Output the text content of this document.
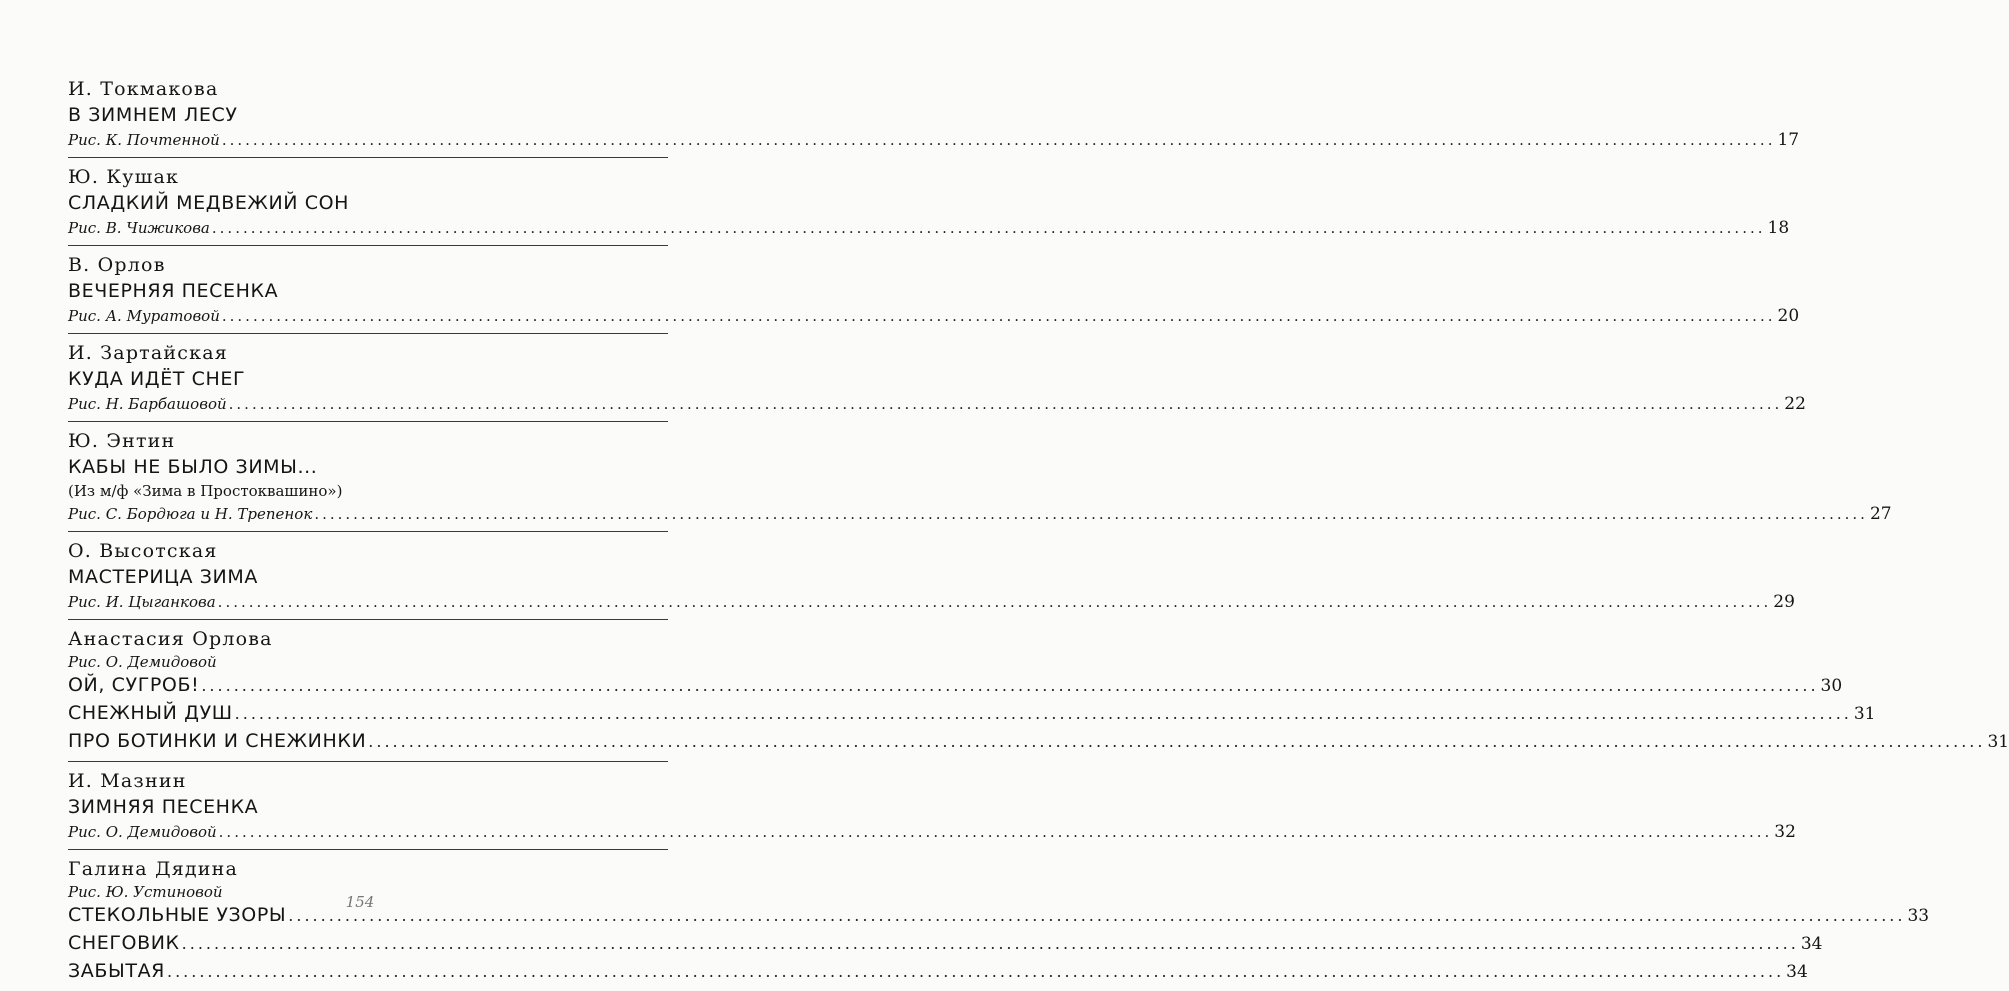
И. Токмакова
В ЗИМНЕМ ЛЕСУ
Рис. К. Почтенной ........................................................................................................................................................................................................ 17
Ю. Кушак
СЛАДКИЙ МЕДВЕЖИЙ СОН
Рис. В. Чижикова ........................................................................................................................................................................................................ 18
В. Орлов
ВЕЧЕРНЯЯ ПЕСЕНКА
Рис. А. Муратовой ........................................................................................................................................................................................................ 20
И. Зартайская
КУДА ИДЁТ СНЕГ
Рис. Н. Барбашовой ........................................................................................................................................................................................................ 22
Ю. Энтин
КАБЫ НЕ БЫЛО ЗИМЫ...
(Из м/ф «Зима в Простоквашино»)
Рис. С. Бордюга и Н. Трепенок ........................................................................................................................................................................................................ 27
О. Высотская
МАСТЕРИЦА ЗИМА
Рис. И. Цыганкова ........................................................................................................................................................................................................ 29
Анастасия Орлова
Рис. О. Демидовой
ОЙ, СУГРОБ! ........................................................................................................................................................................................................ 30
СНЕЖНЫЙ ДУШ ........................................................................................................................................................................................................ 31
ПРО БОТИНКИ И СНЕЖИНКИ ........................................................................................................................................................................................................ 31
И. Мазнин
ЗИМНЯЯ ПЕСЕНКА
Рис. О. Демидовой ........................................................................................................................................................................................................ 32
Галина Дядина
Рис. Ю. Устиновой
СТЕКОЛЬНЫЕ УЗОРЫ ........................................................................................................................................................................................................ 33
СНЕГОВИК ........................................................................................................................................................................................................ 34
ЗАБЫТАЯ ........................................................................................................................................................................................................ 34
154
